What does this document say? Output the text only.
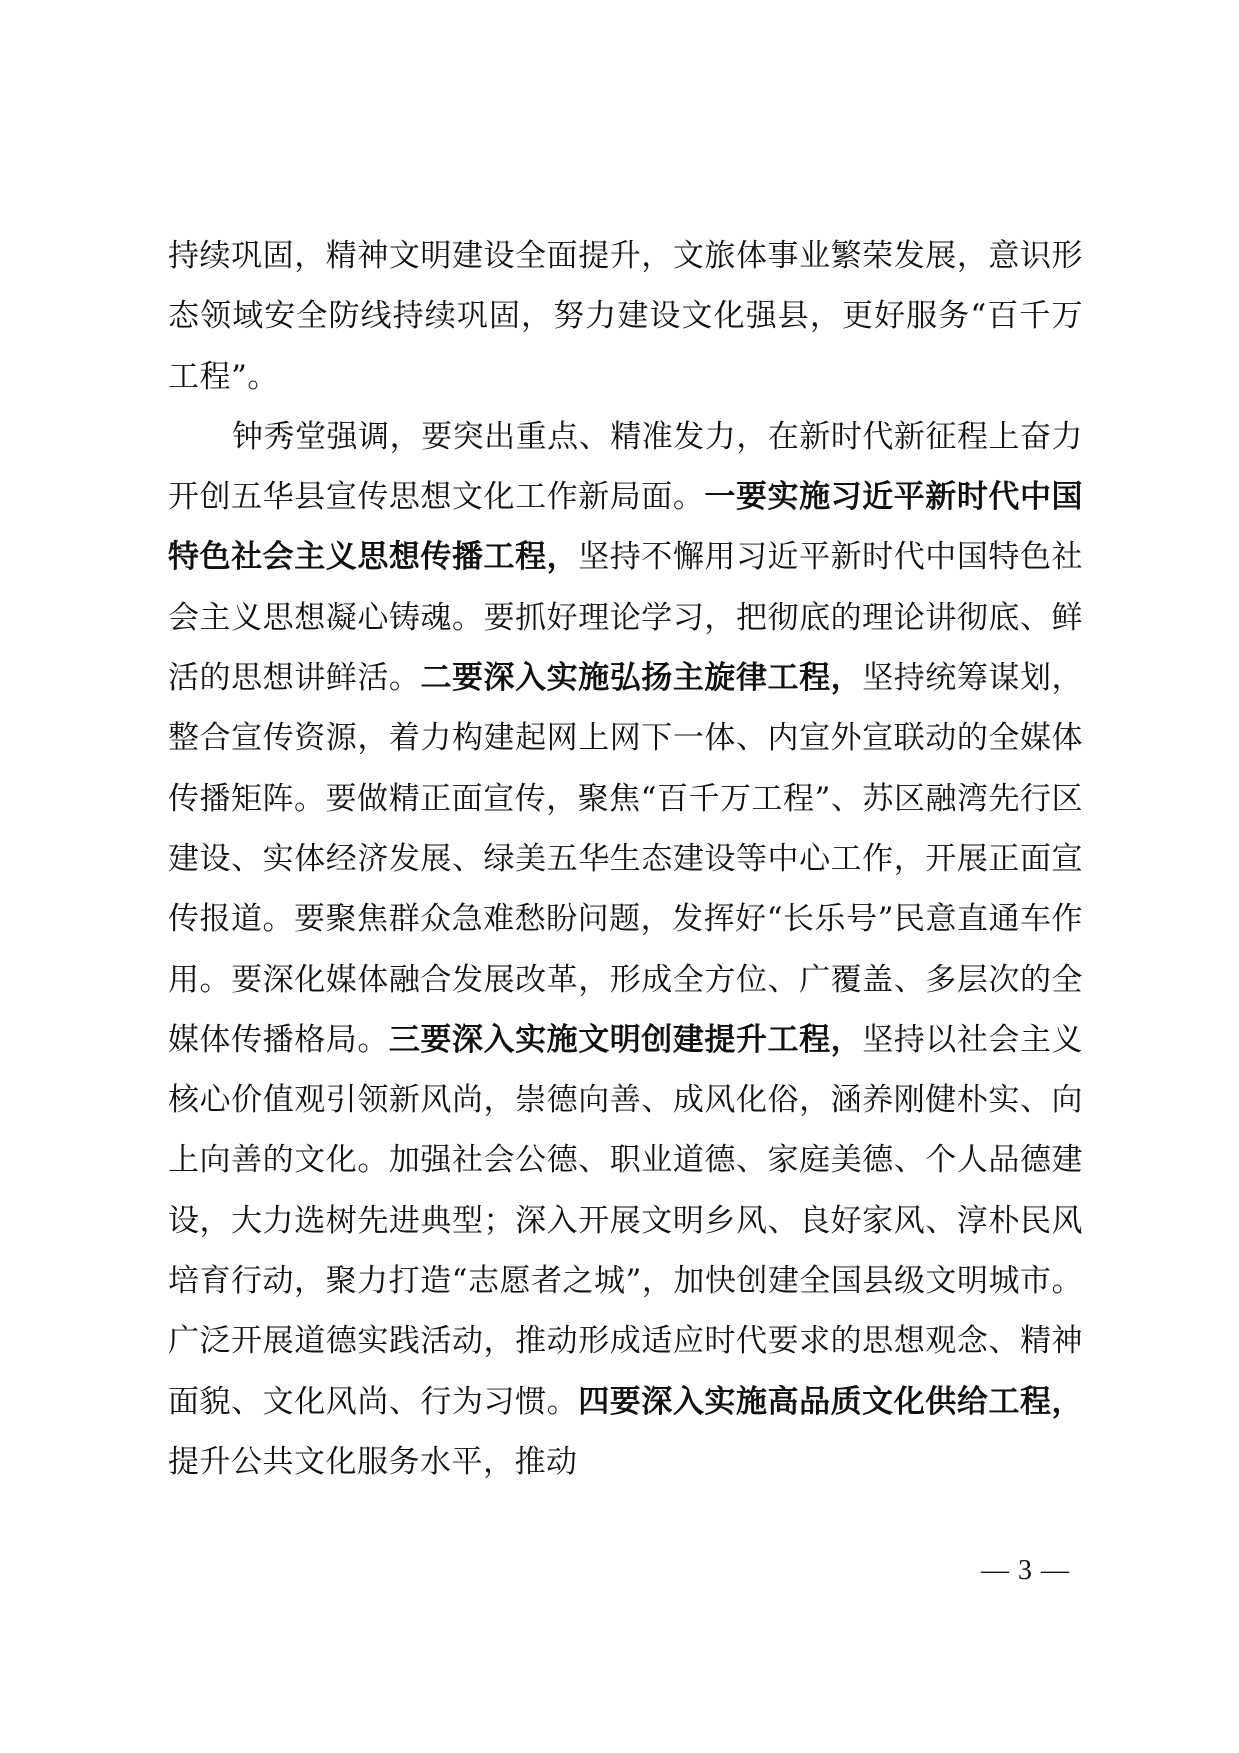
持续巩固，精神文明建设全面提升，文旅体事业繁荣发展，意识形态领域安全防线持续巩固，努力建设文化强县，更好服务“百千万工程”。

钟秀堂强调，要突出重点、精准发力，在新时代新征程上奋力开创五华县宣传思想文化工作新局面。一要实施习近平新时代中国特色社会主义思想传播工程，坚持不懈用习近平新时代中国特色社会主义思想凝心铸魂。要抓好理论学习，把彻底的理论讲彻底、鲜活的思想讲鲜活。二要深入实施弘扬主旋律工程，坚持统筹谋划，整合宣传资源，着力构建起网上网下一体、内宣外宣联动的全媒体传播矩阵。要做精正面宣传，聚焦“百千万工程”、苏区融湾先行区建设、实体经济发展、绿美五华生态建设等中心工作，开展正面宣传报道。要聚焦群众急难愁盼问题，发挥好“长乐号”民意直通车作用。要深化媒体融合发展改革，形成全方位、广覆盖、多层次的全媒体传播格局。三要深入实施文明创建提升工程，坚持以社会主义核心价值观引领新风尚，崇德向善、成风化俗，涵养刚健朴实、向上向善的文化。加强社会公德、职业道德、家庭美德、个人品德建设，大力选树先进典型；深入开展文明乡风、良好家风、淳朴民风培育行动，聚力打造“志愿者之城”，加快创建全国县级文明城市。广泛开展道德实践活动，推动形成适应时代要求的思想观念、精神面貌、文化风尚、行为习惯。四要深入实施高品质文化供给工程，提升公共文化服务水平，推动

— 3 —
